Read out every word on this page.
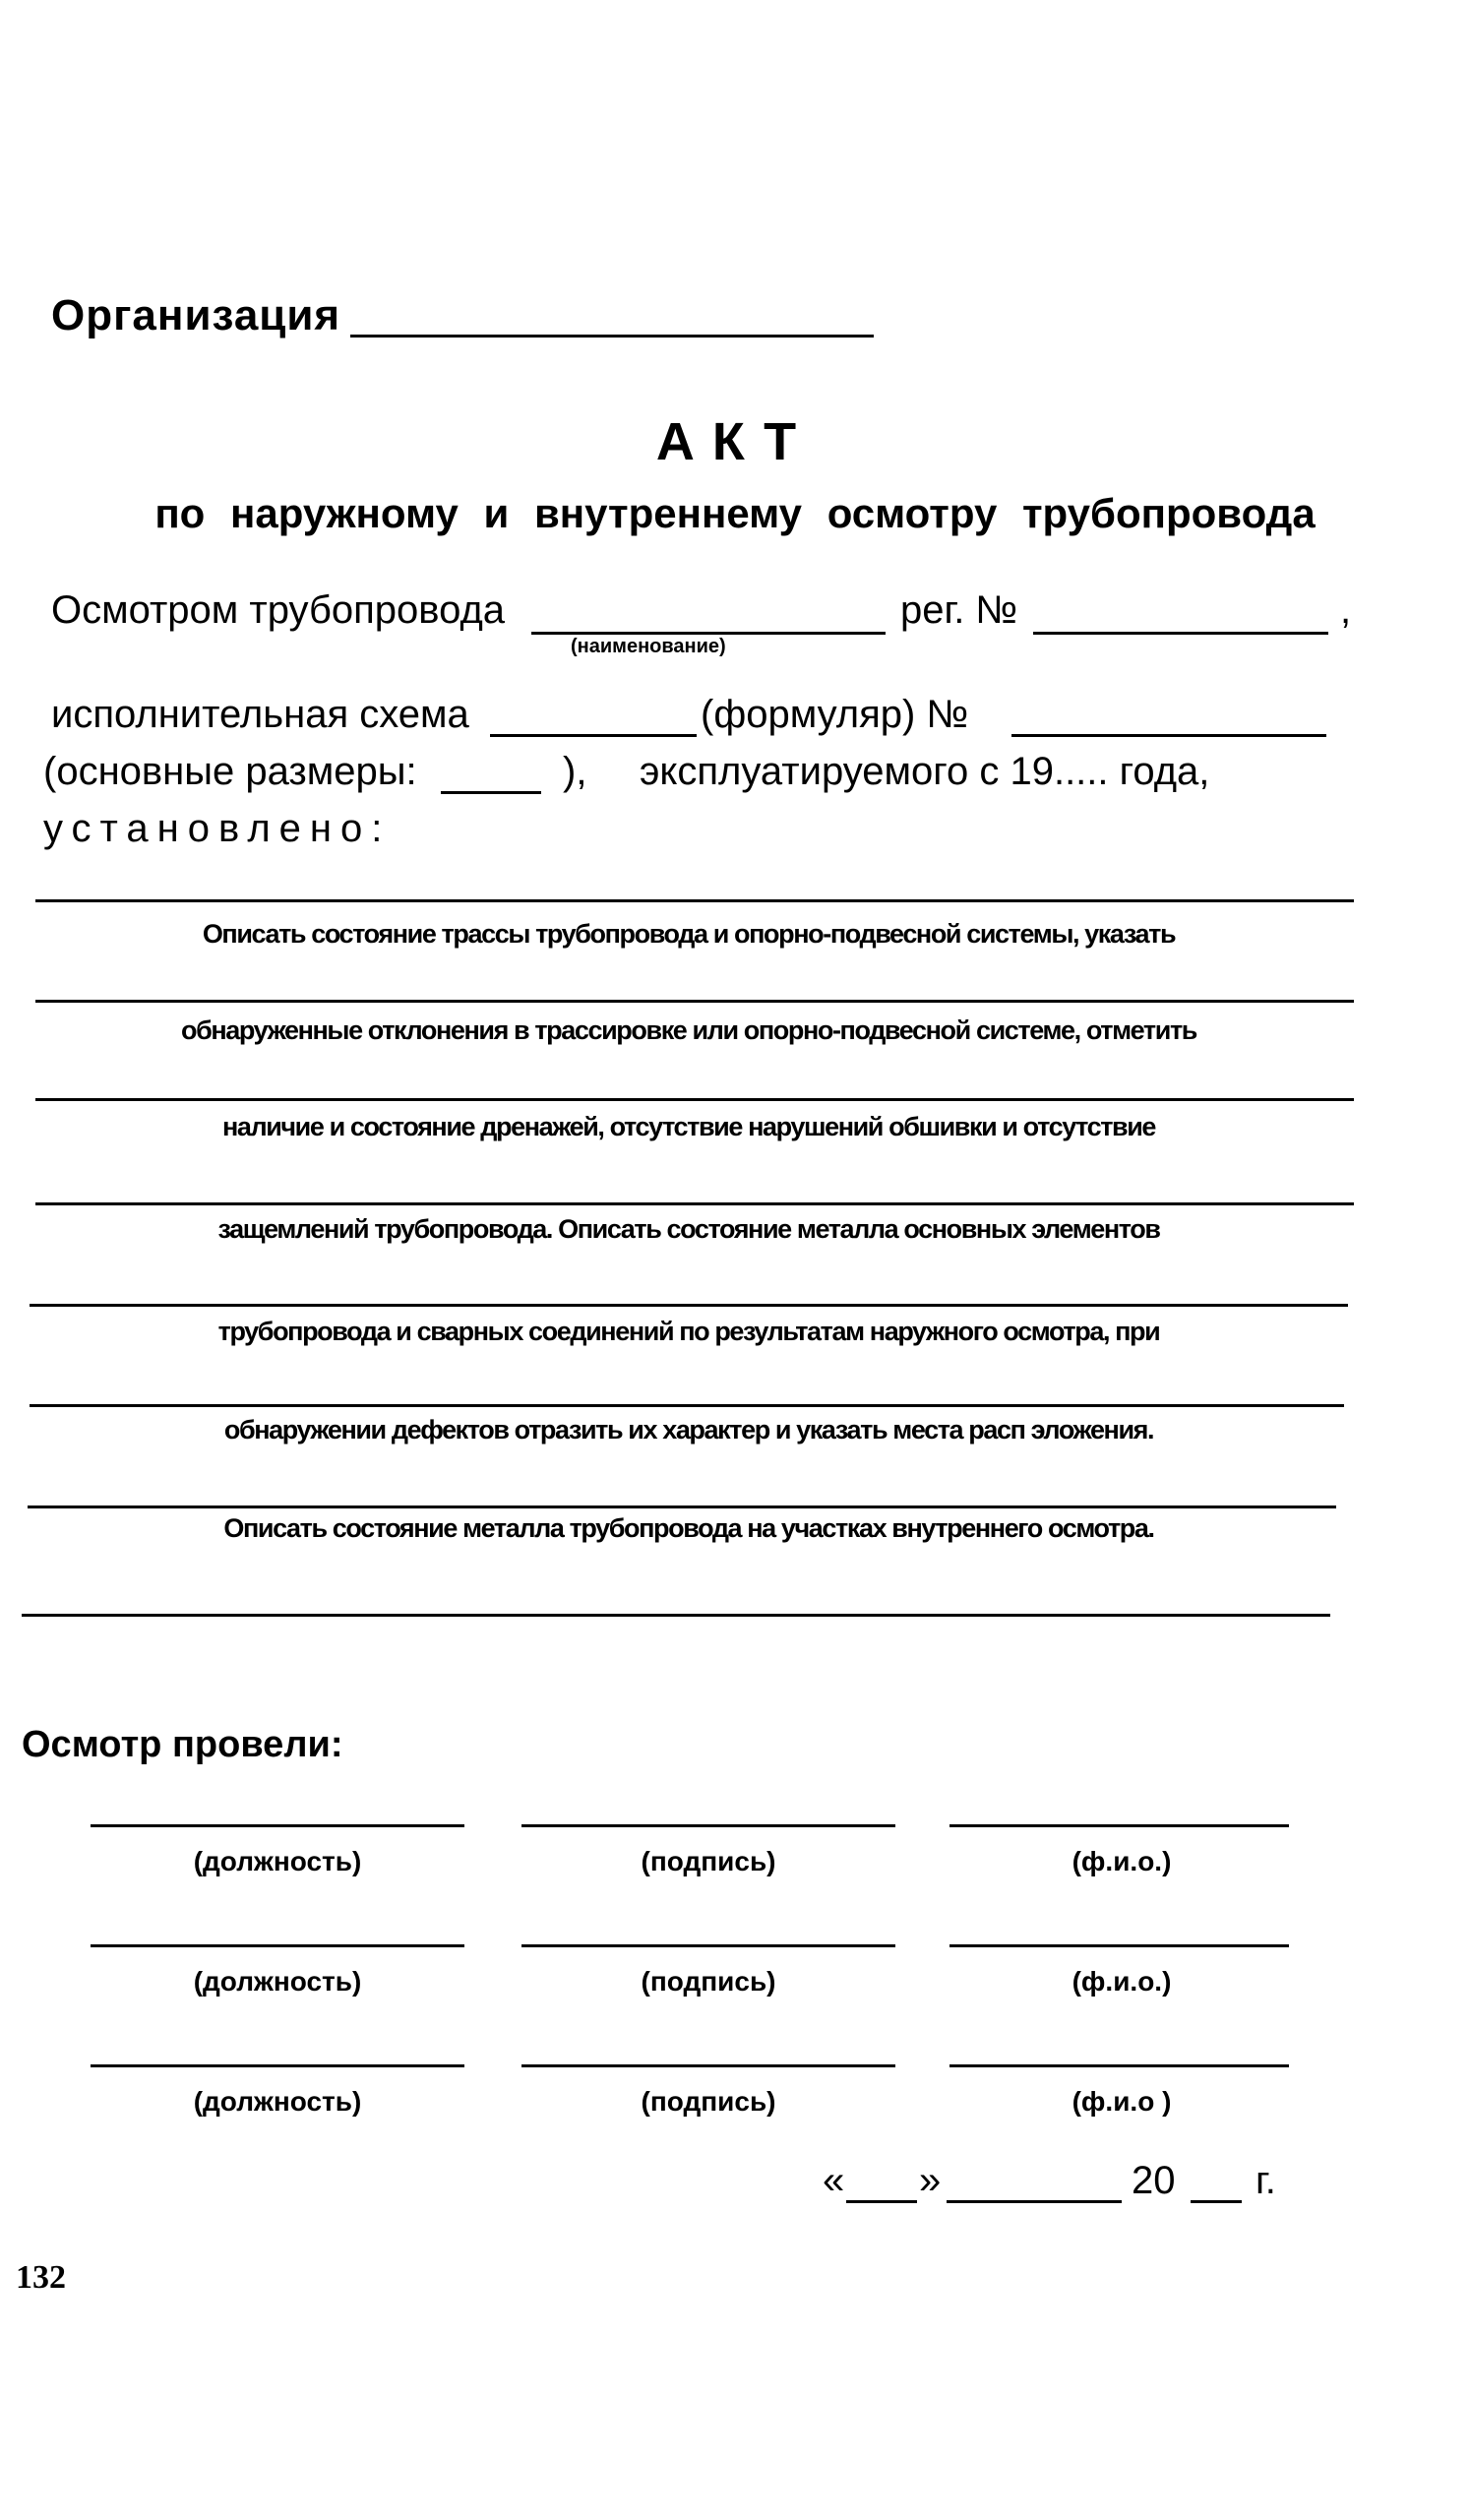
Организация
АКТ
по наружному и внутреннему осмотру трубопровода
Осмотром трубопровода
(наименование)
рег. №	,
исполнительная схема	(формуляр) №
(основные размеры:	), эксплуатируемого с 19..... года,
установлено:
Описать состояние трассы трубопровода и опорно-подвесной системы, указать
обнаруженные отклонения в трассировке или опорно-подвесной системе, отметить
наличие и состояние дренажей, отсутствие нарушений обшивки и отсутствие
защемлений трубопровода. Описать состояние металла основных элементов
трубопровода и сварных соединений по результатам наружного осмотра, при
обнаружении дефектов отразить их характер и указать места расп эложения.
Описать состояние металла трубопровода на участках внутреннего осмотра.
Осмотр провели:
(должность)	(подпись)	(ф.и.о.)
(должность)	(подпись)	(ф.и.о.)
(должность)	(подпись)	(ф.и.о )
« »	20 г.
132
